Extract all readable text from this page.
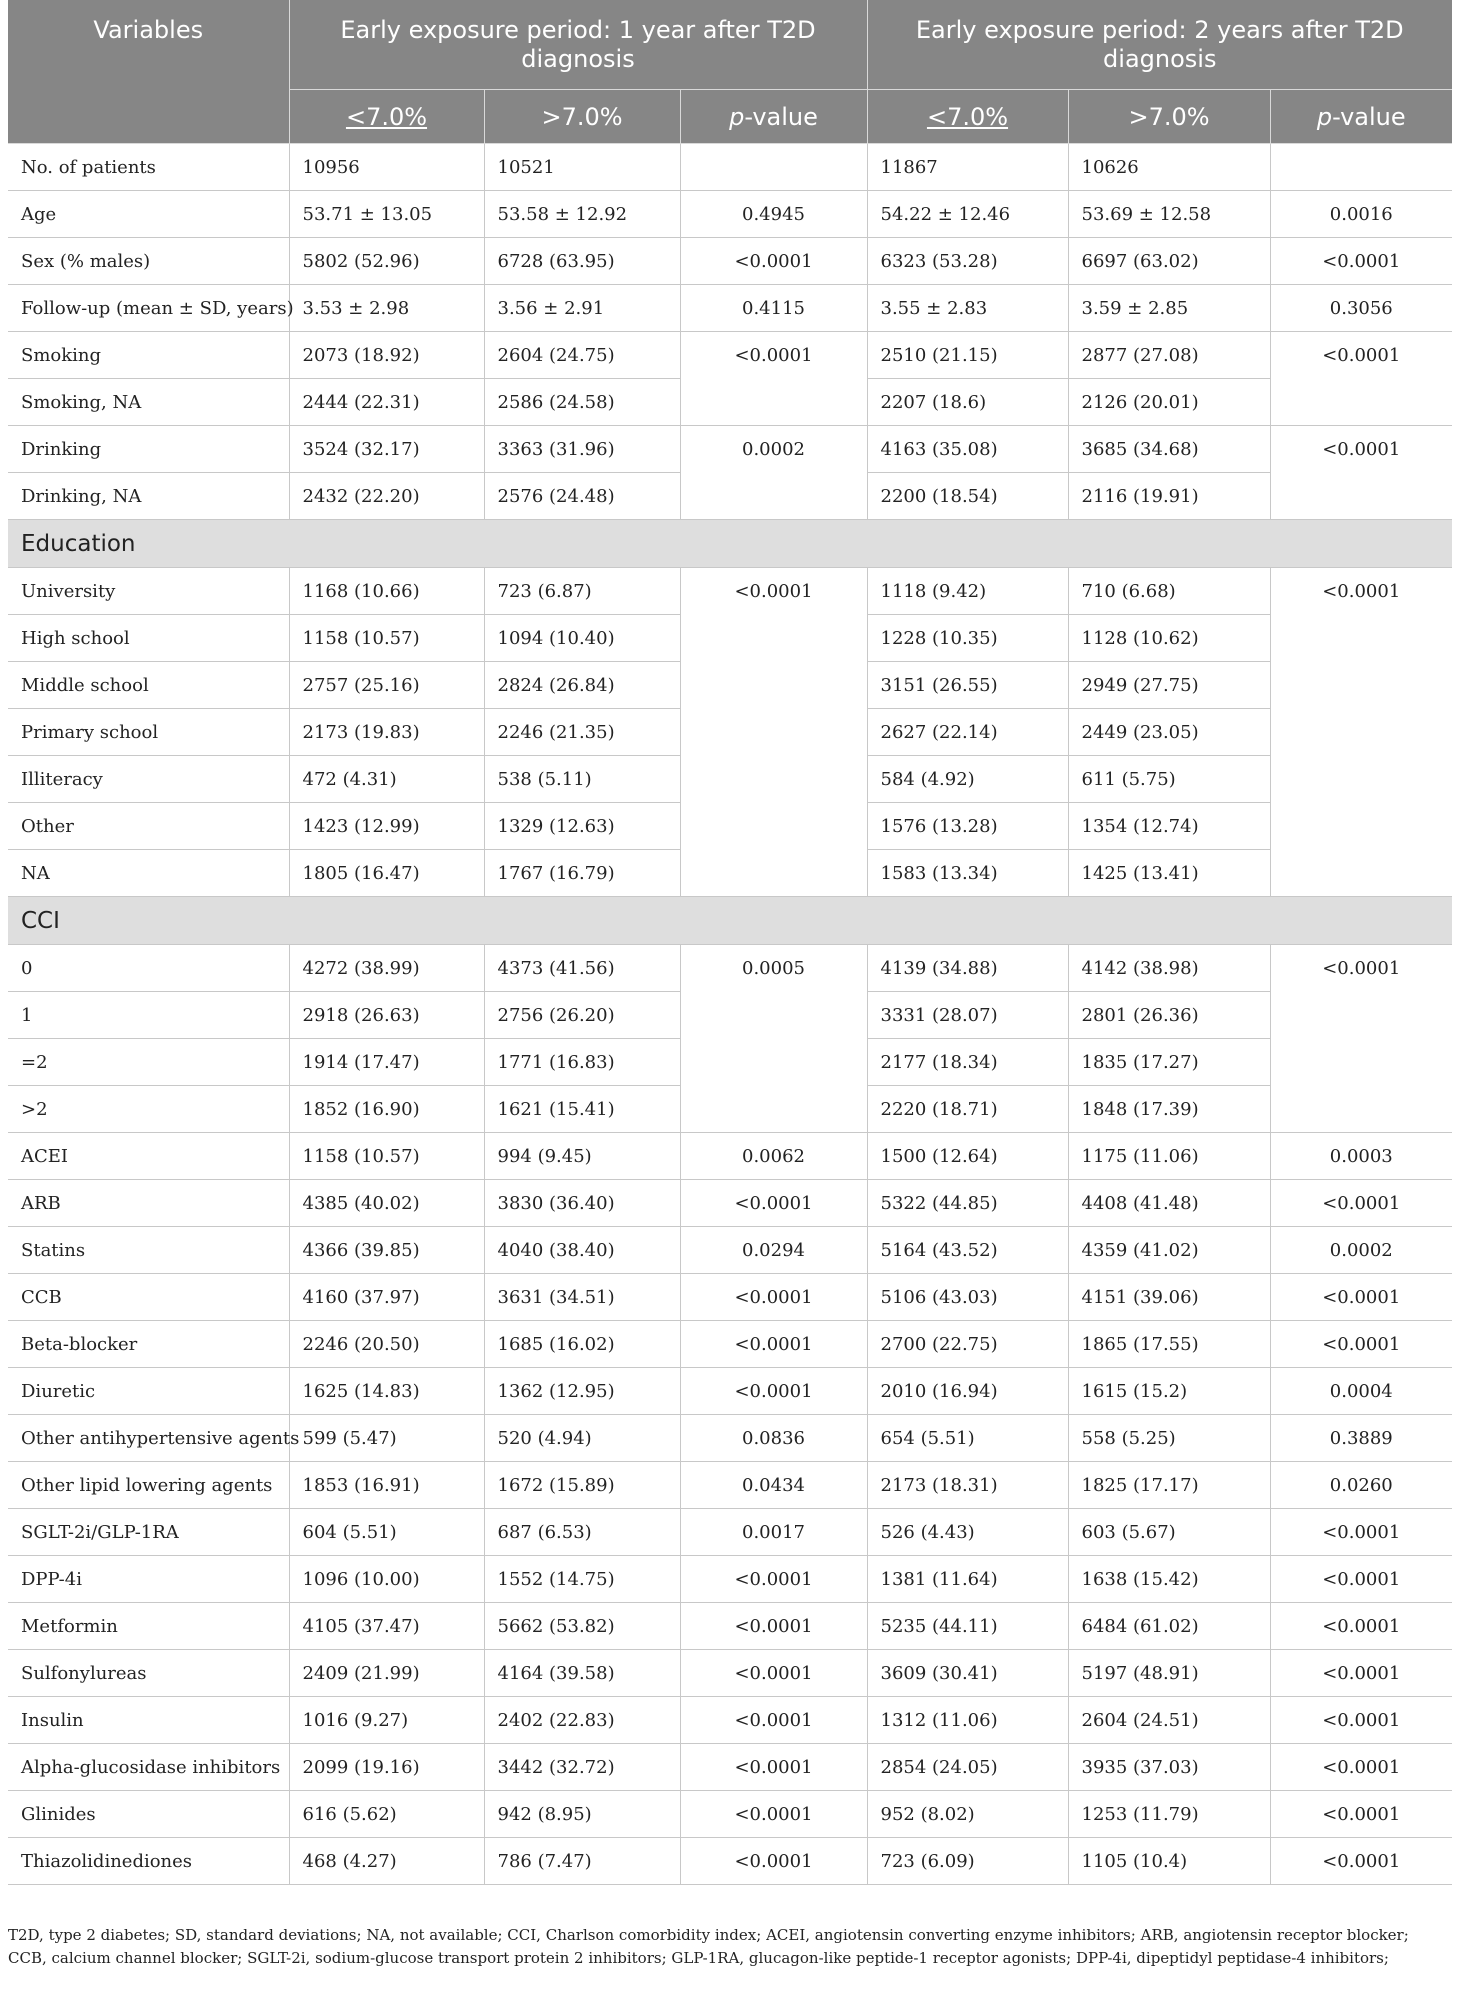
Variables	Early exposure period: 1 year after T2D diagnosis			Early exposure period: 2 years after T2D diagnosis		
	<7.0%	>7.0%	p-value	<7.0%	>7.0%	p-value
No. of patients	10956	10521		11867	10626	
Age	53.71 ± 13.05	53.58 ± 12.92	0.4945	54.22 ± 12.46	53.69 ± 12.58	0.0016
Sex (% males)	5802 (52.96)	6728 (63.95)	<0.0001	6323 (53.28)	6697 (63.02)	<0.0001
Follow-up (mean ± SD, years)	3.53 ± 2.98	3.56 ± 2.91	0.4115	3.55 ± 2.83	3.59 ± 2.85	0.3056
Smoking	2073 (18.92)	2604 (24.75)	<0.0001	2510 (21.15)	2877 (27.08)	<0.0001
Smoking, NA	2444 (22.31)	2586 (24.58)		2207 (18.6)	2126 (20.01)	
Drinking	3524 (32.17)	3363 (31.96)	0.0002	4163 (35.08)	3685 (34.68)	<0.0001
Drinking, NA	2432 (22.20)	2576 (24.48)		2200 (18.54)	2116 (19.91)	
Education						
University	1168 (10.66)	723 (6.87)	<0.0001	1118 (9.42)	710 (6.68)	<0.0001
High school	1158 (10.57)	1094 (10.40)		1228 (10.35)	1128 (10.62)	
Middle school	2757 (25.16)	2824 (26.84)		3151 (26.55)	2949 (27.75)	
Primary school	2173 (19.83)	2246 (21.35)		2627 (22.14)	2449 (23.05)	
Illiteracy	472 (4.31)	538 (5.11)		584 (4.92)	611 (5.75)	
Other	1423 (12.99)	1329 (12.63)		1576 (13.28)	1354 (12.74)	
NA	1805 (16.47)	1767 (16.79)		1583 (13.34)	1425 (13.41)	
CCI						
0	4272 (38.99)	4373 (41.56)	0.0005	4139 (34.88)	4142 (38.98)	<0.0001
1	2918 (26.63)	2756 (26.20)		3331 (28.07)	2801 (26.36)	
=2	1914 (17.47)	1771 (16.83)		2177 (18.34)	1835 (17.27)	
>2	1852 (16.90)	1621 (15.41)		2220 (18.71)	1848 (17.39)	
ACEI	1158 (10.57)	994 (9.45)	0.0062	1500 (12.64)	1175 (11.06)	0.0003
ARB	4385 (40.02)	3830 (36.40)	<0.0001	5322 (44.85)	4408 (41.48)	<0.0001
Statins	4366 (39.85)	4040 (38.40)	0.0294	5164 (43.52)	4359 (41.02)	0.0002
CCB	4160 (37.97)	3631 (34.51)	<0.0001	5106 (43.03)	4151 (39.06)	<0.0001
Beta-blocker	2246 (20.50)	1685 (16.02)	<0.0001	2700 (22.75)	1865 (17.55)	<0.0001
Diuretic	1625 (14.83)	1362 (12.95)	<0.0001	2010 (16.94)	1615 (15.2)	0.0004
Other antihypertensive agents	599 (5.47)	520 (4.94)	0.0836	654 (5.51)	558 (5.25)	0.3889
Other lipid lowering agents	1853 (16.91)	1672 (15.89)	0.0434	2173 (18.31)	1825 (17.17)	0.0260
SGLT-2i/GLP-1RA	604 (5.51)	687 (6.53)	0.0017	526 (4.43)	603 (5.67)	<0.0001
DPP-4i	1096 (10.00)	1552 (14.75)	<0.0001	1381 (11.64)	1638 (15.42)	<0.0001
Metformin	4105 (37.47)	5662 (53.82)	<0.0001	5235 (44.11)	6484 (61.02)	<0.0001
Sulfonylureas	2409 (21.99)	4164 (39.58)	<0.0001	3609 (30.41)	5197 (48.91)	<0.0001
Insulin	1016 (9.27)	2402 (22.83)	<0.0001	1312 (11.06)	2604 (24.51)	<0.0001
Alpha-glucosidase inhibitors	2099 (19.16)	3442 (32.72)	<0.0001	2854 (24.05)	3935 (37.03)	<0.0001
Glinides	616 (5.62)	942 (8.95)	<0.0001	952 (8.02)	1253 (11.79)	<0.0001
Thiazolidinediones	468 (4.27)	786 (7.47)	<0.0001	723 (6.09)	1105 (10.4)	<0.0001
T2D, type 2 diabetes; SD, standard deviations; NA, not available; CCI, Charlson comorbidity index; ACEI, angiotensin converting enzyme inhibitors; ARB, angiotensin receptor blocker; CCB, calcium channel blocker; SGLT-2i, sodium-glucose transport protein 2 inhibitors; GLP-1RA, glucagon-like peptide-1 receptor agonists; DPP-4i, dipeptidyl peptidase-4 inhibitors;
